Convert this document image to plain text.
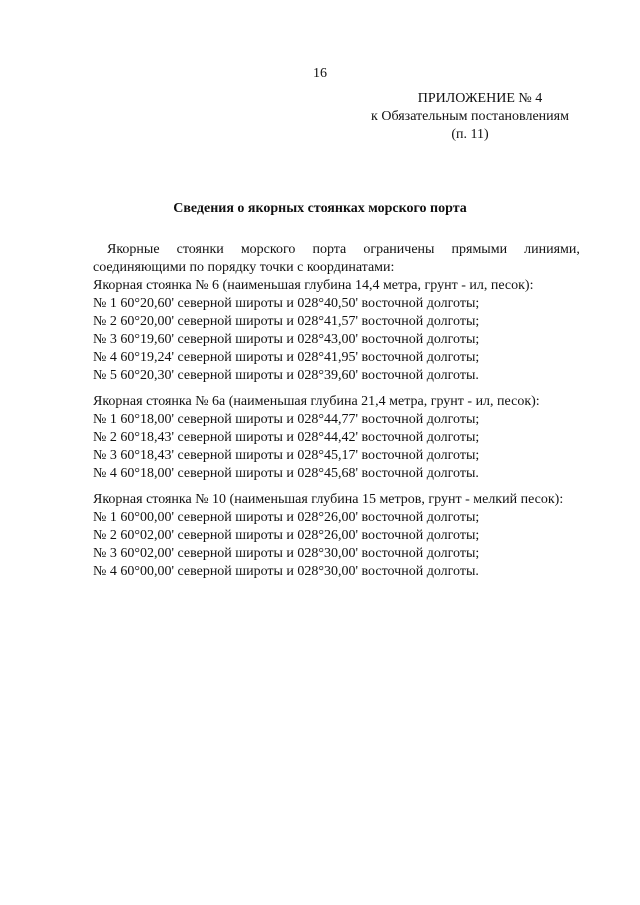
16
ПРИЛОЖЕНИЕ № 4
к Обязательным постановлениям
(п. 11)
Сведения о якорных стоянках морского порта
Якорные стоянки морского порта ограничены прямыми линиями,
соединяющими по порядку точки с координатами:
Якорная стоянка № 6 (наименьшая глубина 14,4 метра, грунт - ил, песок):
№ 1 60°20,60' северной широты и 028°40,50' восточной долготы;
№ 2 60°20,00' северной широты и 028°41,57' восточной долготы;
№ 3 60°19,60' северной широты и 028°43,00' восточной долготы;
№ 4 60°19,24' северной широты и 028°41,95' восточной долготы;
№ 5 60°20,30' северной широты и 028°39,60' восточной долготы.
Якорная стоянка № 6а (наименьшая глубина 21,4 метра, грунт - ил, песок):
№ 1 60°18,00' северной широты и 028°44,77' восточной долготы;
№ 2 60°18,43' северной широты и 028°44,42' восточной долготы;
№ 3 60°18,43' северной широты и 028°45,17' восточной долготы;
№ 4 60°18,00' северной широты и 028°45,68' восточной долготы.
Якорная стоянка № 10 (наименьшая глубина 15 метров, грунт - мелкий песок):
№ 1 60°00,00' северной широты и 028°26,00' восточной долготы;
№ 2 60°02,00' северной широты и 028°26,00' восточной долготы;
№ 3 60°02,00' северной широты и 028°30,00' восточной долготы;
№ 4 60°00,00' северной широты и 028°30,00' восточной долготы.
